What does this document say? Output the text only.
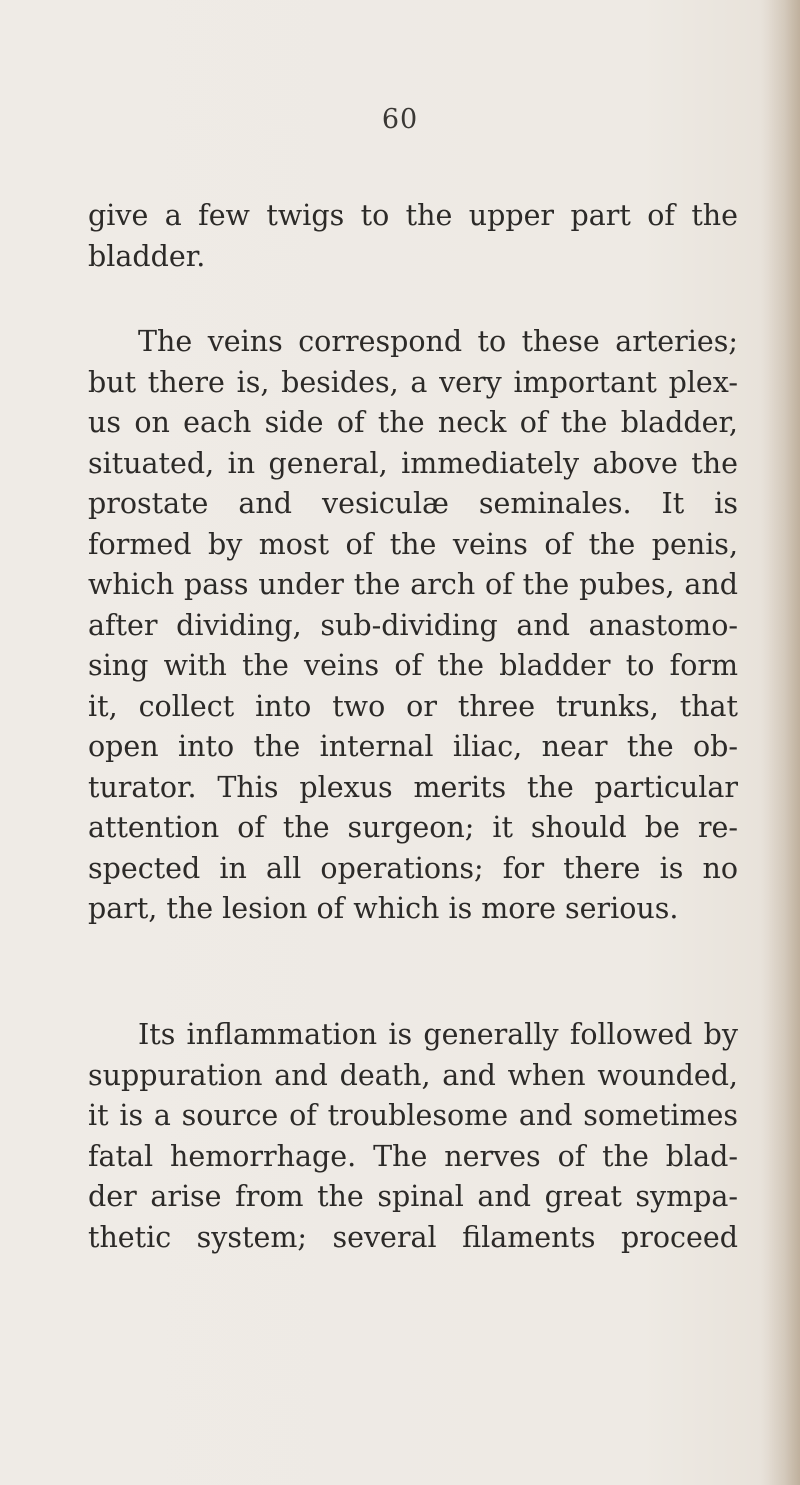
60
give a few twigs to the upper part of the
bladder.
The veins correspond to these arteries;
but there is, besides, a very important plex-
us on each side of the neck of the bladder,
situated, in general, immediately above the
prostate and vesiculæ seminales. It is
formed by most of the veins of the penis,
which pass under the arch of the pubes, and
after dividing, sub-dividing and anastomo-
sing with the veins of the bladder to form
it, collect into two or three trunks, that
open into the internal iliac, near the ob-
turator. This plexus merits the particular
attention of the surgeon; it should be re-
spected in all operations; for there is no
part, the lesion of which is more serious.
Its inflammation is generally followed by
suppuration and death, and when wounded,
it is a source of troublesome and sometimes
fatal hemorrhage. The nerves of the blad-
der arise from the spinal and great sympa-
thetic system; several filaments proceed
